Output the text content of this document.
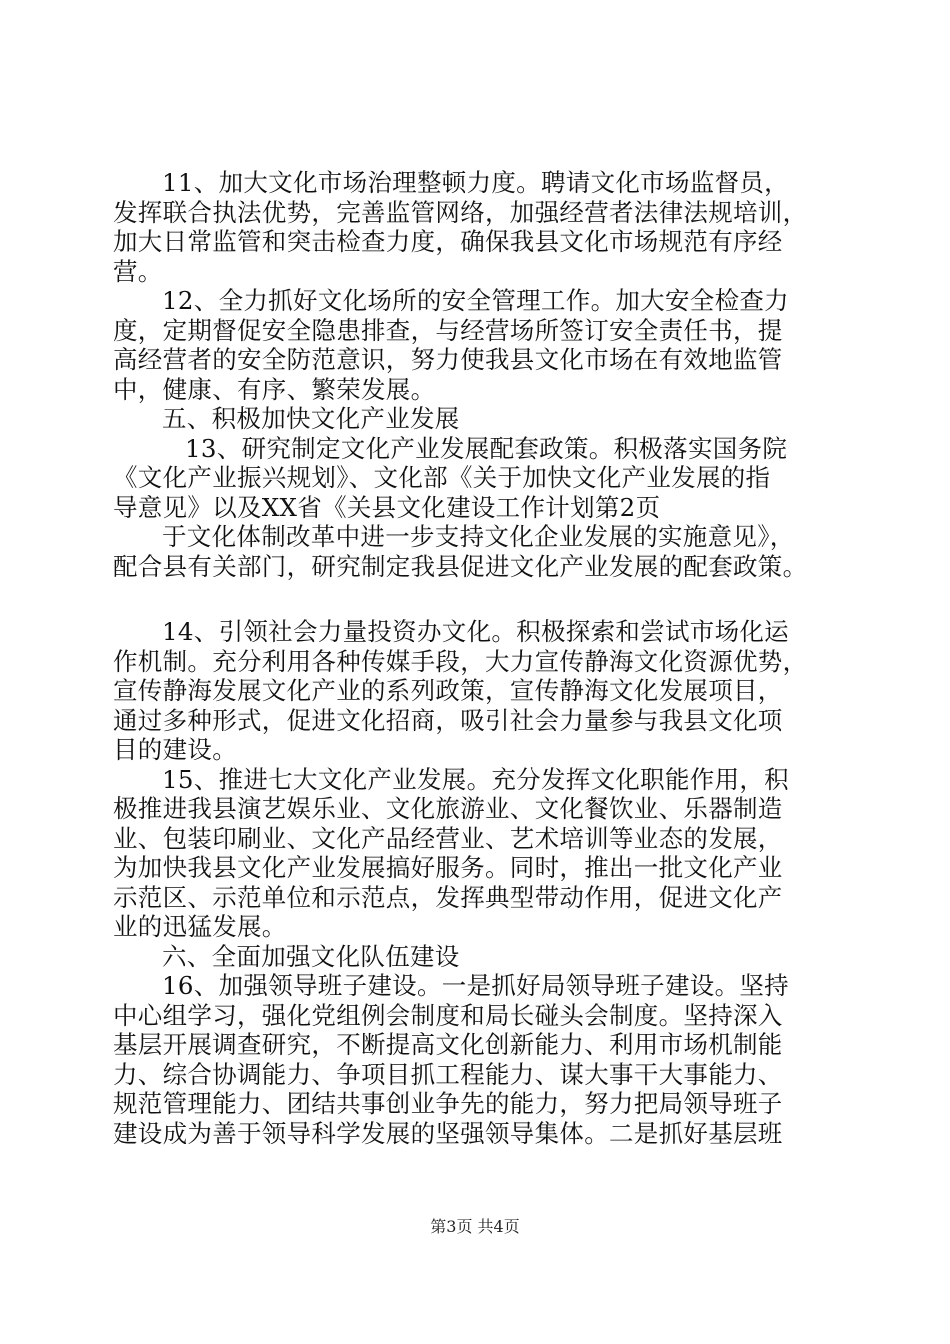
11、加大文化市场治理整顿力度。聘请文化市场监督员，
发挥联合执法优势，完善监管网络，加强经营者法律法规培训，
加大日常监管和突击检查力度，确保我县文化市场规范有序经
营。
12、全力抓好文化场所的安全管理工作。加大安全检查力
度，定期督促安全隐患排查，与经营场所签订安全责任书，提
高经营者的安全防范意识，努力使我县文化市场在有效地监管
中，健康、有序、繁荣发展。
五、积极加快文化产业发展
13、研究制定文化产业发展配套政策。积极落实国务院
《文化产业振兴规划》、文化部《关于加快文化产业发展的指
导意见》以及XX省《关县文化建设工作计划第2页
于文化体制改革中进一步支持文化企业发展的实施意见》，
配合县有关部门，研究制定我县促进文化产业发展的配套政策。
14、引领社会力量投资办文化。积极探索和尝试市场化运
作机制。充分利用各种传媒手段，大力宣传静海文化资源优势，
宣传静海发展文化产业的系列政策，宣传静海文化发展项目，
通过多种形式，促进文化招商，吸引社会力量参与我县文化项
目的建设。
15、推进七大文化产业发展。充分发挥文化职能作用，积
极推进我县演艺娱乐业、文化旅游业、文化餐饮业、乐器制造
业、包装印刷业、文化产品经营业、艺术培训等业态的发展，
为加快我县文化产业发展搞好服务。同时，推出一批文化产业
示范区、示范单位和示范点，发挥典型带动作用，促进文化产
业的迅猛发展。
六、全面加强文化队伍建设
16、加强领导班子建设。一是抓好局领导班子建设。坚持
中心组学习，强化党组例会制度和局长碰头会制度。坚持深入
基层开展调查研究，不断提高文化创新能力、利用市场机制能
力、综合协调能力、争项目抓工程能力、谋大事干大事能力、
规范管理能力、团结共事创业争先的能力，努力把局领导班子
建设成为善于领导科学发展的坚强领导集体。二是抓好基层班
第3页 共4页
